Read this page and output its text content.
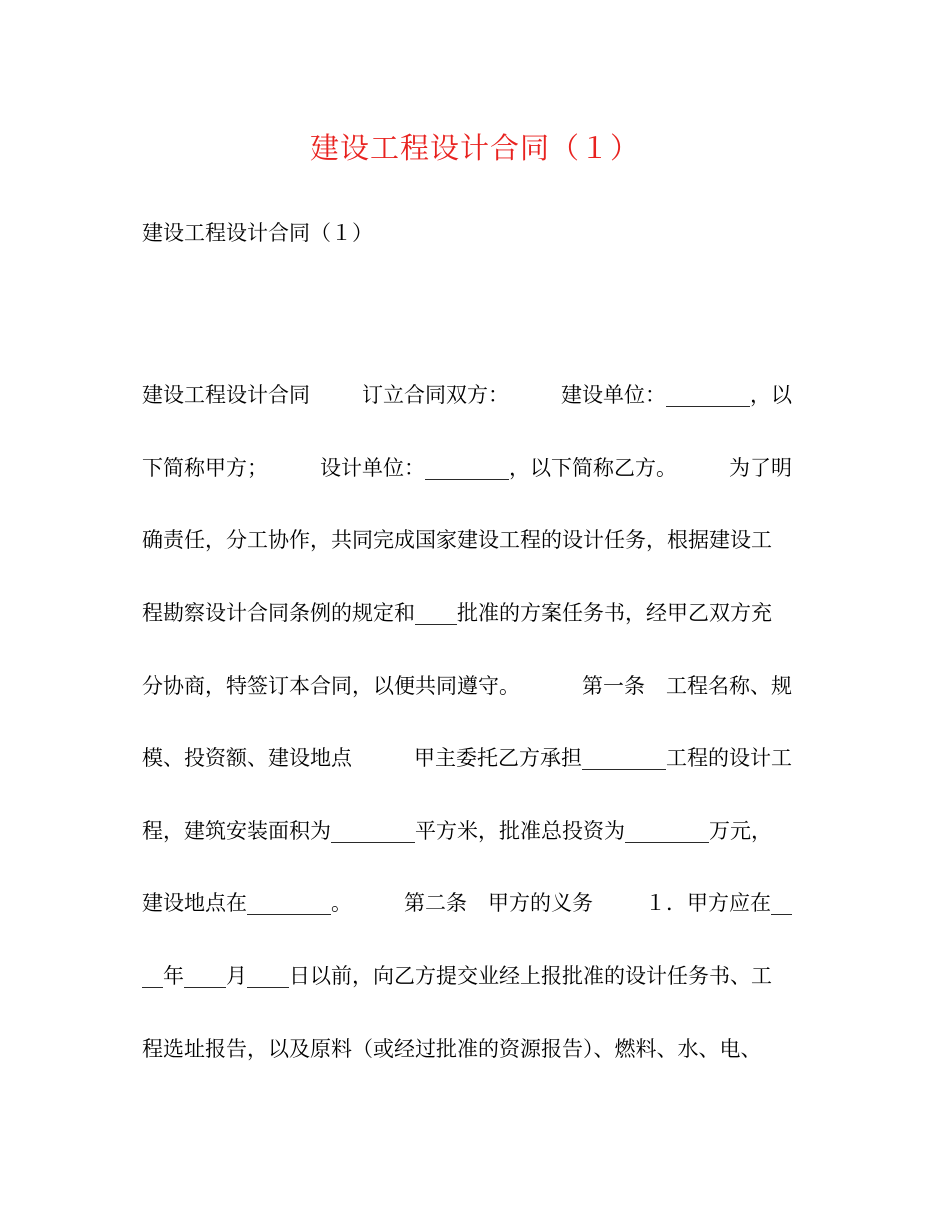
建设工程设计合同（１）
建设工程设计合同（１）
建设工程设计合同 订立合同双方： 建设单位：________，以
下简称甲方； 设计单位：________，以下简称乙方。 为了明
确责任，分工协作，共同完成国家建设工程的设计任务，根据建设工
程勘察设计合同条例的规定和____批准的方案任务书，经甲乙双方充
分协商，特签订本合同，以便共同遵守。	第一条　工程名称、规
模、投资额、建设地点	甲主委托乙方承担________工程的设计工
程，建筑安装面积为________平方米，批准总投资为________万元，
建设地点在________。 第二条　甲方的义务 １．甲方应在__
__年____月____日以前，向乙方提交业经上报批准的设计任务书、工
程选址报告，以及原料（或经过批准的资源报告）、燃料、水、电、
